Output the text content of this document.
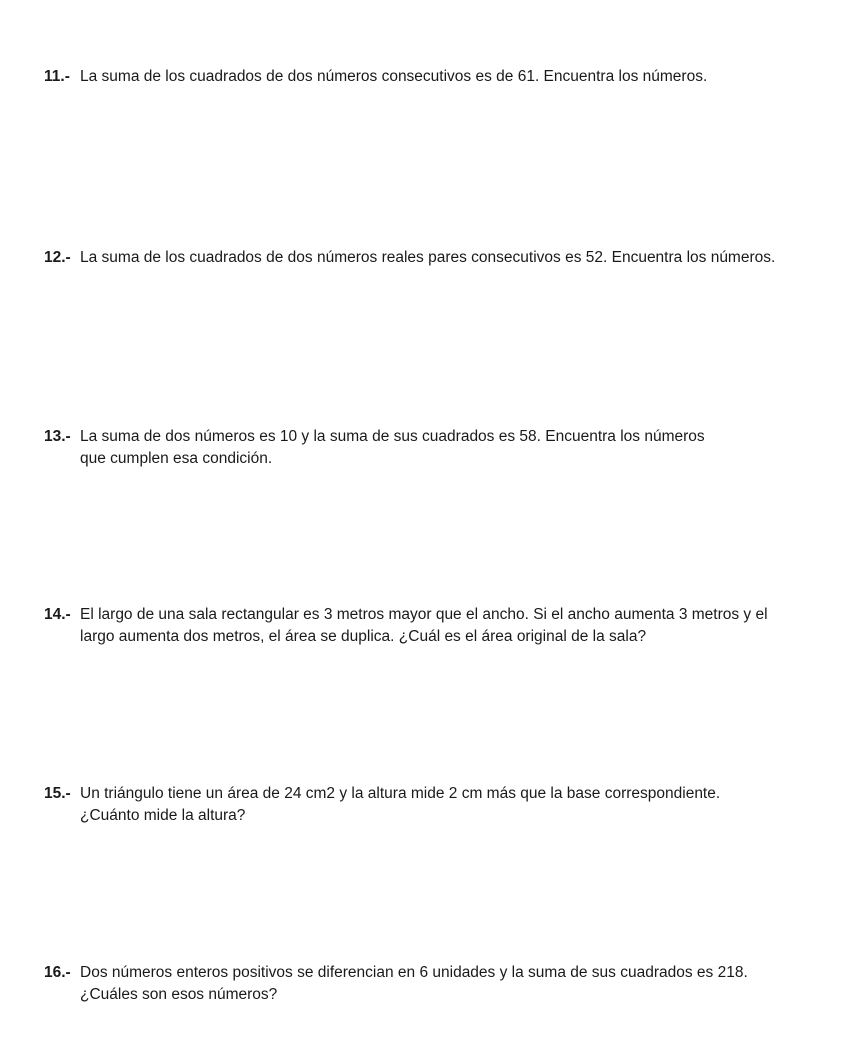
11.- La suma de los cuadrados de dos números consecutivos es de 61. Encuentra los números.
12.- La suma de los cuadrados de dos números reales pares consecutivos es 52. Encuentra los números.
13.- La suma de dos números es 10 y la suma de sus cuadrados es 58. Encuentra los números
que cumplen esa condición.
14.- El largo de una sala rectangular es 3 metros mayor que el ancho. Si el ancho aumenta 3 metros y el
largo aumenta dos metros, el área se duplica. ¿Cuál es el área original de la sala?
15.- Un triángulo tiene un área de 24 cm2 y la altura mide 2 cm más que la base correspondiente.
¿Cuánto mide la altura?
16.- Dos números enteros positivos se diferencian en 6 unidades y la suma de sus cuadrados es 218.
¿Cuáles son esos números?
